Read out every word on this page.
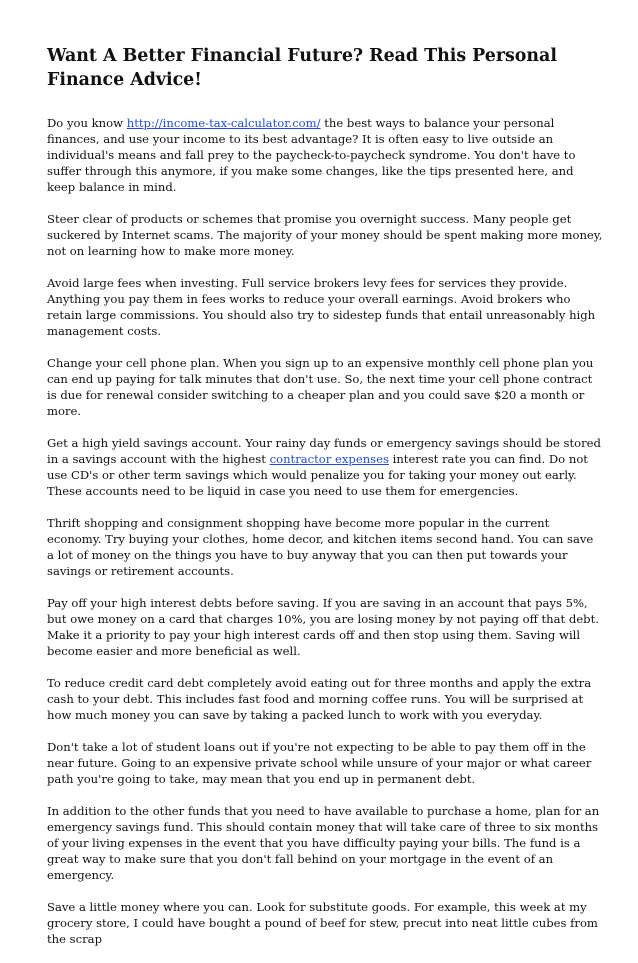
Want A Better Financial Future? Read This Personal Finance Advice!

Do you know http://income-tax-calculator.com/ the best ways to balance your personal finances, and use your income to its best advantage? It is often easy to live outside an individual's means and fall prey to the paycheck-to-paycheck syndrome. You don't have to suffer through this anymore, if you make some changes, like the tips presented here, and keep balance in mind.

Steer clear of products or schemes that promise you overnight success. Many people get suckered by Internet scams. The majority of your money should be spent making more money, not on learning how to make more money.

Avoid large fees when investing. Full service brokers levy fees for services they provide. Anything you pay them in fees works to reduce your overall earnings. Avoid brokers who retain large commissions. You should also try to sidestep funds that entail unreasonably high management costs.

Change your cell phone plan. When you sign up to an expensive monthly cell phone plan you can end up paying for talk minutes that don't use. So, the next time your cell phone contract is due for renewal consider switching to a cheaper plan and you could save $20 a month or more.

Get a high yield savings account. Your rainy day funds or emergency savings should be stored in a savings account with the highest contractor expenses interest rate you can find. Do not use CD's or other term savings which would penalize you for taking your money out early. These accounts need to be liquid in case you need to use them for emergencies.

Thrift shopping and consignment shopping have become more popular in the current economy. Try buying your clothes, home decor, and kitchen items second hand. You can save a lot of money on the things you have to buy anyway that you can then put towards your savings or retirement accounts.

Pay off your high interest debts before saving. If you are saving in an account that pays 5%, but owe money on a card that charges 10%, you are losing money by not paying off that debt. Make it a priority to pay your high interest cards off and then stop using them. Saving will become easier and more beneficial as well.

To reduce credit card debt completely avoid eating out for three months and apply the extra cash to your debt. This includes fast food and morning coffee runs. You will be surprised at how much money you can save by taking a packed lunch to work with you everyday.

Don't take a lot of student loans out if you're not expecting to be able to pay them off in the near future. Going to an expensive private school while unsure of your major or what career path you're going to take, may mean that you end up in permanent debt.

In addition to the other funds that you need to have available to purchase a home, plan for an emergency savings fund. This should contain money that will take care of three to six months of your living expenses in the event that you have difficulty paying your bills. The fund is a great way to make sure that you don't fall behind on your mortgage in the event of an emergency.

Save a little money where you can. Look for substitute goods. For example, this week at my grocery store, I could have bought a pound of beef for stew, precut into neat little cubes from the scrap
